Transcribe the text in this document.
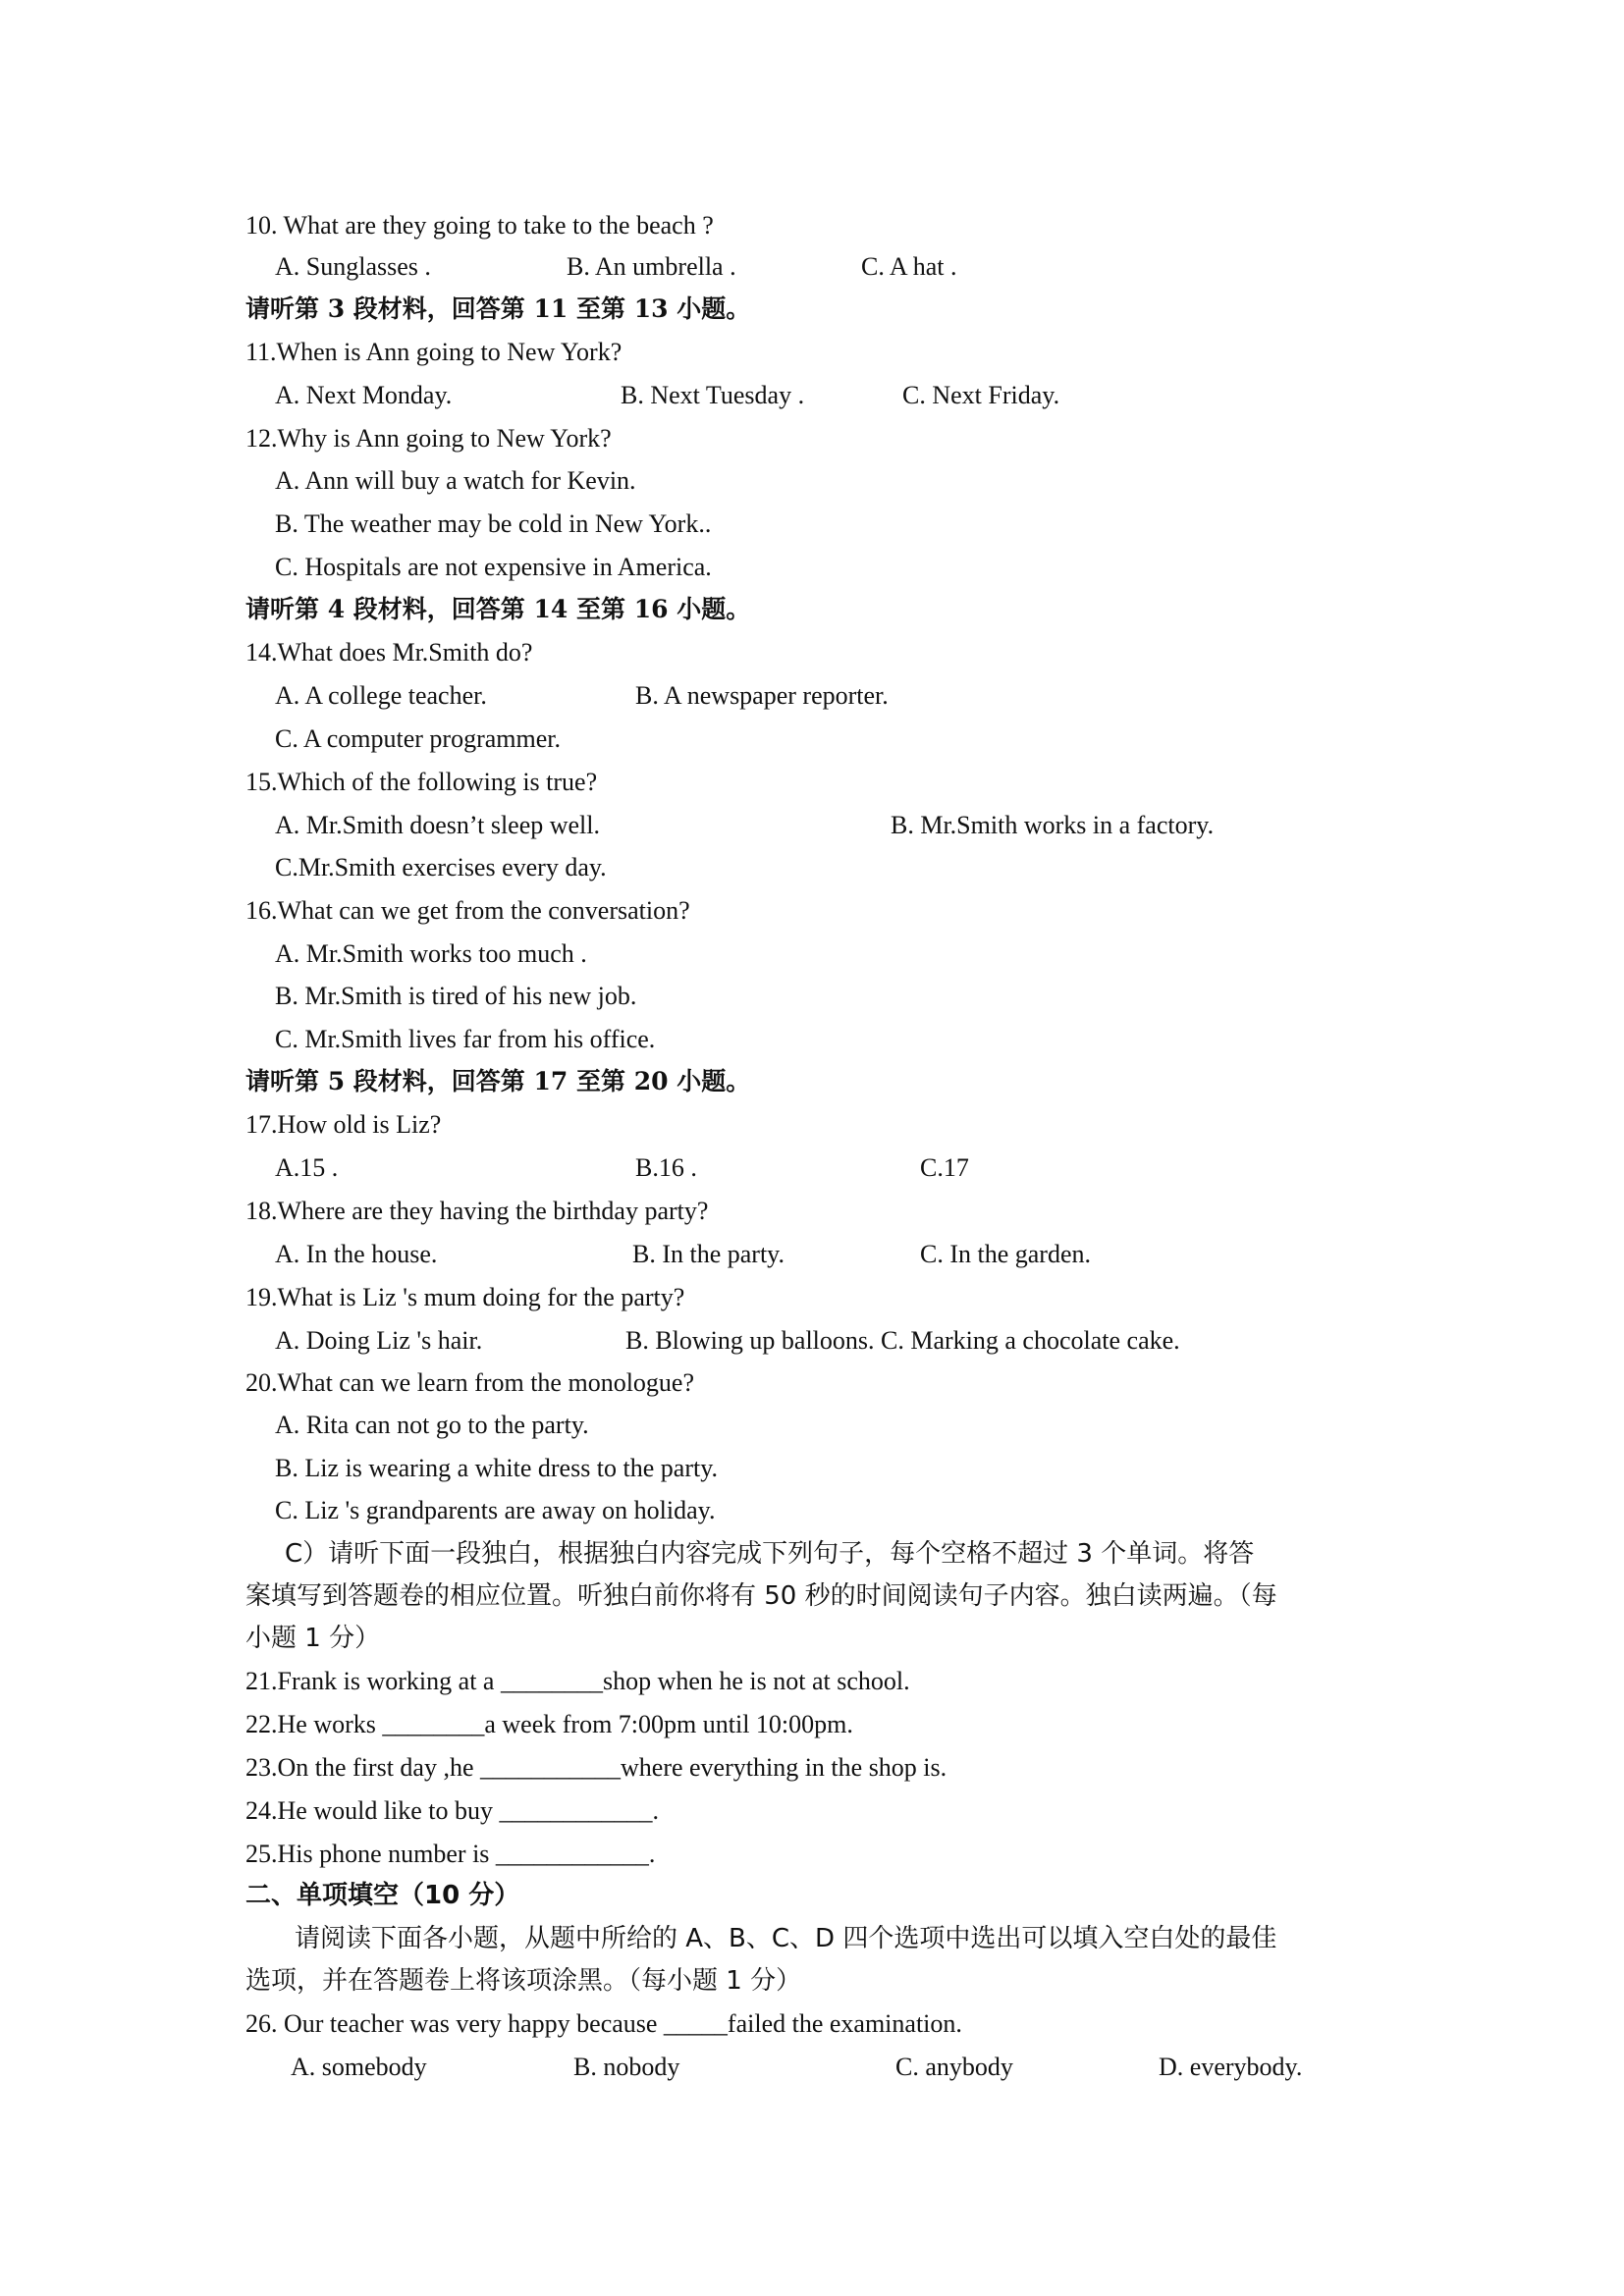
10. What are they going to take to the beach ?
A. Sunglasses .	B. An umbrella .	C. A hat .
请听第 3 段材料，回答第 11 至第 13 小题。
11.When is Ann going to New York?
A. Next Monday.	B. Next Tuesday .	C. Next Friday.
12.Why is Ann going to New York?
A. Ann will buy a watch for Kevin.
B. The weather may be cold in New York..
C. Hospitals are not expensive in America.
请听第 4 段材料，回答第 14 至第 16 小题。
14.What does Mr.Smith do?
A. A college teacher.	B. A newspaper reporter.
C. A computer programmer.
15.Which of the following is true?
A. Mr.Smith doesn’t sleep well.	B. Mr.Smith works in a factory.
C.Mr.Smith exercises every day.
16.What can we get from the conversation?
A. Mr.Smith works too much .
B. Mr.Smith is tired of his new job.
C. Mr.Smith lives far from his office.
请听第 5 段材料，回答第 17 至第 20 小题。
17.How old is Liz?
A.15 .	B.16 .	C.17
18.Where are they having the birthday party?
A. In the house.	B. In the party.	C. In the garden.
19.What is Liz 's mum doing for the party?
A. Doing Liz 's hair.	B. Blowing up balloons. C. Marking a chocolate cake.
20.What can we learn from the monologue?
A. Rita can not go to the party.
B. Liz is wearing a white dress to the party.
C. Liz 's grandparents are away on holiday.
C）请听下面一段独白，根据独白内容完成下列句子，每个空格不超过 3 个单词。将答
案填写到答题卷的相应位置。听独白前你将有 50 秒的时间阅读句子内容。独白读两遍。（每
小题 1 分）
21.Frank is working at a ________shop when he is not at school.
22.He works ________a week from 7:00pm until 10:00pm.
23.On the first day ,he ___________where everything in the shop is.
24.He would like to buy ____________.
25.His phone number is ____________.
二、单项填空（10 分）
请阅读下面各小题，从题中所给的 A、B、C、D 四个选项中选出可以填入空白处的最佳
选项，并在答题卷上将该项涂黑。（每小题 1 分）
26. Our teacher was very happy because _____failed the examination.
A. somebody	B. nobody	C. anybody	D. everybody.
